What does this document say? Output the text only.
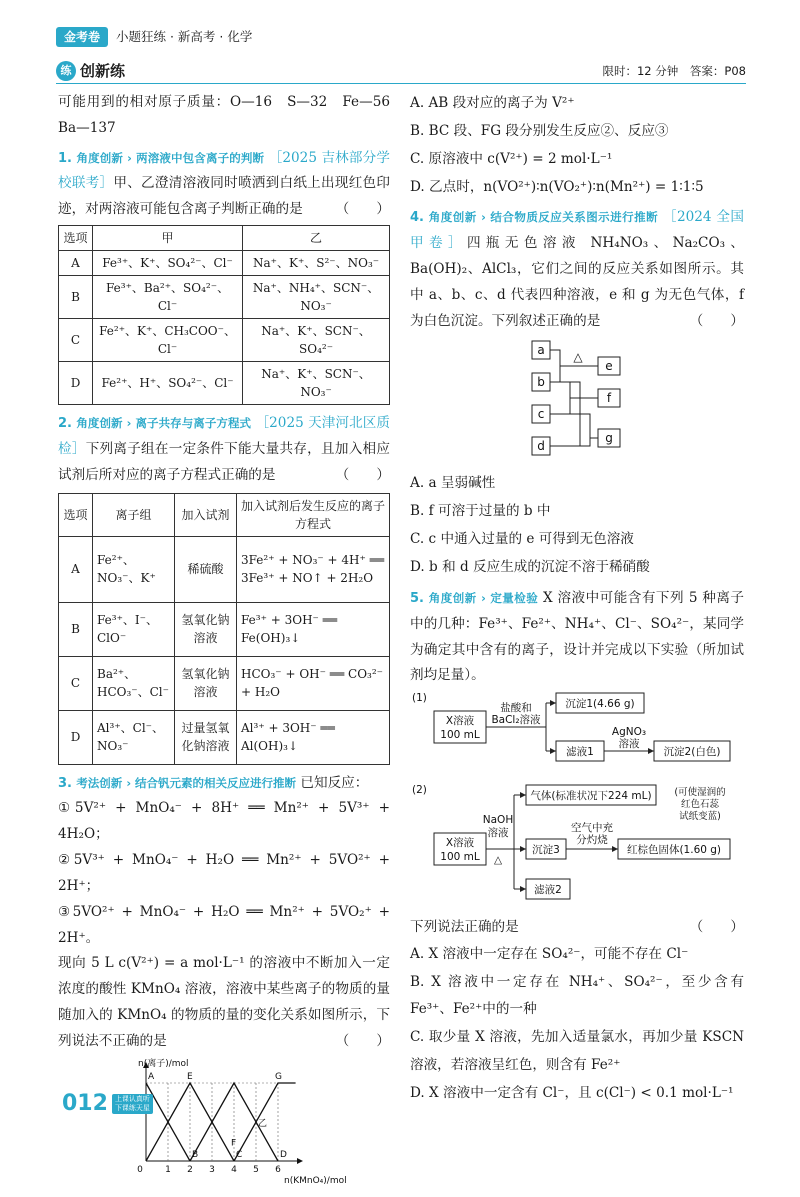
金考卷	小题狂练 · 新高考 · 化学
练 创新练	限时：12 分钟 答案：P08

可能用到的相对原子质量：O—16　S—32　Fe—56　Ba—137

1. 角度创新 › 两溶液中包含离子的判断 ［2025 吉林部分学校联考］甲、乙澄清溶液同时喷洒到白纸上出现红色印迹，对两溶液可能包含离子判断正确的是 （　　）

选项	甲	乙
A	Fe³⁺、K⁺、SO₄²⁻、Cl⁻	Na⁺、K⁺、S²⁻、NO₃⁻
B	Fe³⁺、Ba²⁺、SO₄²⁻、Cl⁻	Na⁺、NH₄⁺、SCN⁻、NO₃⁻
C	Fe²⁺、K⁺、CH₃COO⁻、Cl⁻	Na⁺、K⁺、SCN⁻、SO₄²⁻
D	Fe²⁺、H⁺、SO₄²⁻、Cl⁻	Na⁺、K⁺、SCN⁻、NO₃⁻

2. 角度创新 › 离子共存与离子方程式 ［2025 天津河北区质检］下列离子组在一定条件下能大量共存，且加入相应试剂后所对应的离子方程式正确的是	（　　）

选项	离子组	加入试剂	加入试剂后发生反应的离子方程式
A	Fe²⁺、NO₃⁻、K⁺	稀硫酸	3Fe²⁺ + NO₃⁻ + 4H⁺ ══ 3Fe³⁺ + NO↑ + 2H₂O
B	Fe³⁺、I⁻、ClO⁻	氢氧化钠溶液	Fe³⁺ + 3OH⁻ ══ Fe(OH)₃↓
C	Ba²⁺、HCO₃⁻、Cl⁻	氢氧化钠溶液	HCO₃⁻ + OH⁻ ══ CO₃²⁻ + H₂O
D	Al³⁺、Cl⁻、NO₃⁻	过量氢氧化钠溶液	Al³⁺ + 3OH⁻ ══ Al(OH)₃↓

3. 考法创新 › 结合钒元素的相关反应进行推断 已知反应：

①5V²⁺ + MnO₄⁻ + 8H⁺ ══ Mn²⁺ + 5V³⁺ + 4H₂O；

②5V³⁺ + MnO₄⁻ + H₂O ══ Mn²⁺ + 5VO²⁺ + 2H⁺；

③5VO²⁺ + MnO₄⁻ + H₂O ══ Mn²⁺ + 5VO₂⁺ + 2H⁺。

现向 5 L c(V²⁺) = a mol·L⁻¹ 的溶液中不断加入一定浓度的酸性 KMnO₄ 溶液，溶液中某些离子的物质的量随加入的 KMnO₄ 的物质的量的变化关系如图所示，下列说法不正确的是	（　　）

0 1 2 3 4 5 6
n(离子)/mol
n(KMnO₄)/mol
A
B	C	D
E
F
G
乙

A. AB 段对应的离子为 V²⁺

B. BC 段、FG 段分别发生反应②、反应③

C. 原溶液中 c(V²⁺) = 2 mol·L⁻¹

D. 乙点时，n(VO²⁺)∶n(VO₂⁺)∶n(Mn²⁺) = 1∶1∶5

4. 角度创新 › 结合物质反应关系图示进行推断 ［2024 全国甲卷］四瓶无色溶液 NH₄NO₃、Na₂CO₃、Ba(OH)₂、AlCl₃，它们之间的反应关系如图所示。其中 a、b、c、d 代表四种溶液，e 和 g 为无色气体，f 为白色沉淀。下列叙述正确的是	（　　）

a
b
c
d
e
f
g
△

A. a 呈弱碱性

B. f 可溶于过量的 b 中

C. c 中通入过量的 e 可得到无色溶液

D. b 和 d 反应生成的沉淀不溶于稀硝酸

5. 角度创新 › 定量检验 X 溶液中可能含有下列 5 种离子中的几种：Fe³⁺、Fe²⁺、NH₄⁺、Cl⁻、SO₄²⁻，某同学为确定其中含有的离子，设计并完成以下实验（所加试剂均足量）。

(1)
X溶液
100 mL
盐酸和
BaCl₂溶液
沉淀1(4.66 g)
滤液1
AgNO₃
溶液
沉淀2(白色)

(2)
X溶液
100 mL
NaOH
溶液
△
气体(标准状况下224 mL) (可使湿润的
红色石蕊
试纸变蓝)
沉淀3
空气中充
分灼烧
红棕色固体(1.60 g)
滤液2

下列说法正确的是	（　　）

A. X 溶液中一定存在 SO₄²⁻，可能不存在 Cl⁻

B. X 溶液中一定存在 NH₄⁺、SO₄²⁻，至少含有 Fe³⁺、Fe²⁺中的一种

C. 取少量 X 溶液，先加入适量氯水，再加少量 KSCN 溶液，若溶液呈红色，则含有 Fe²⁺

D. X 溶液中一定含有 Cl⁻，且 c(Cl⁻) < 0.1 mol·L⁻¹

012	上课认真听
下课练天星
